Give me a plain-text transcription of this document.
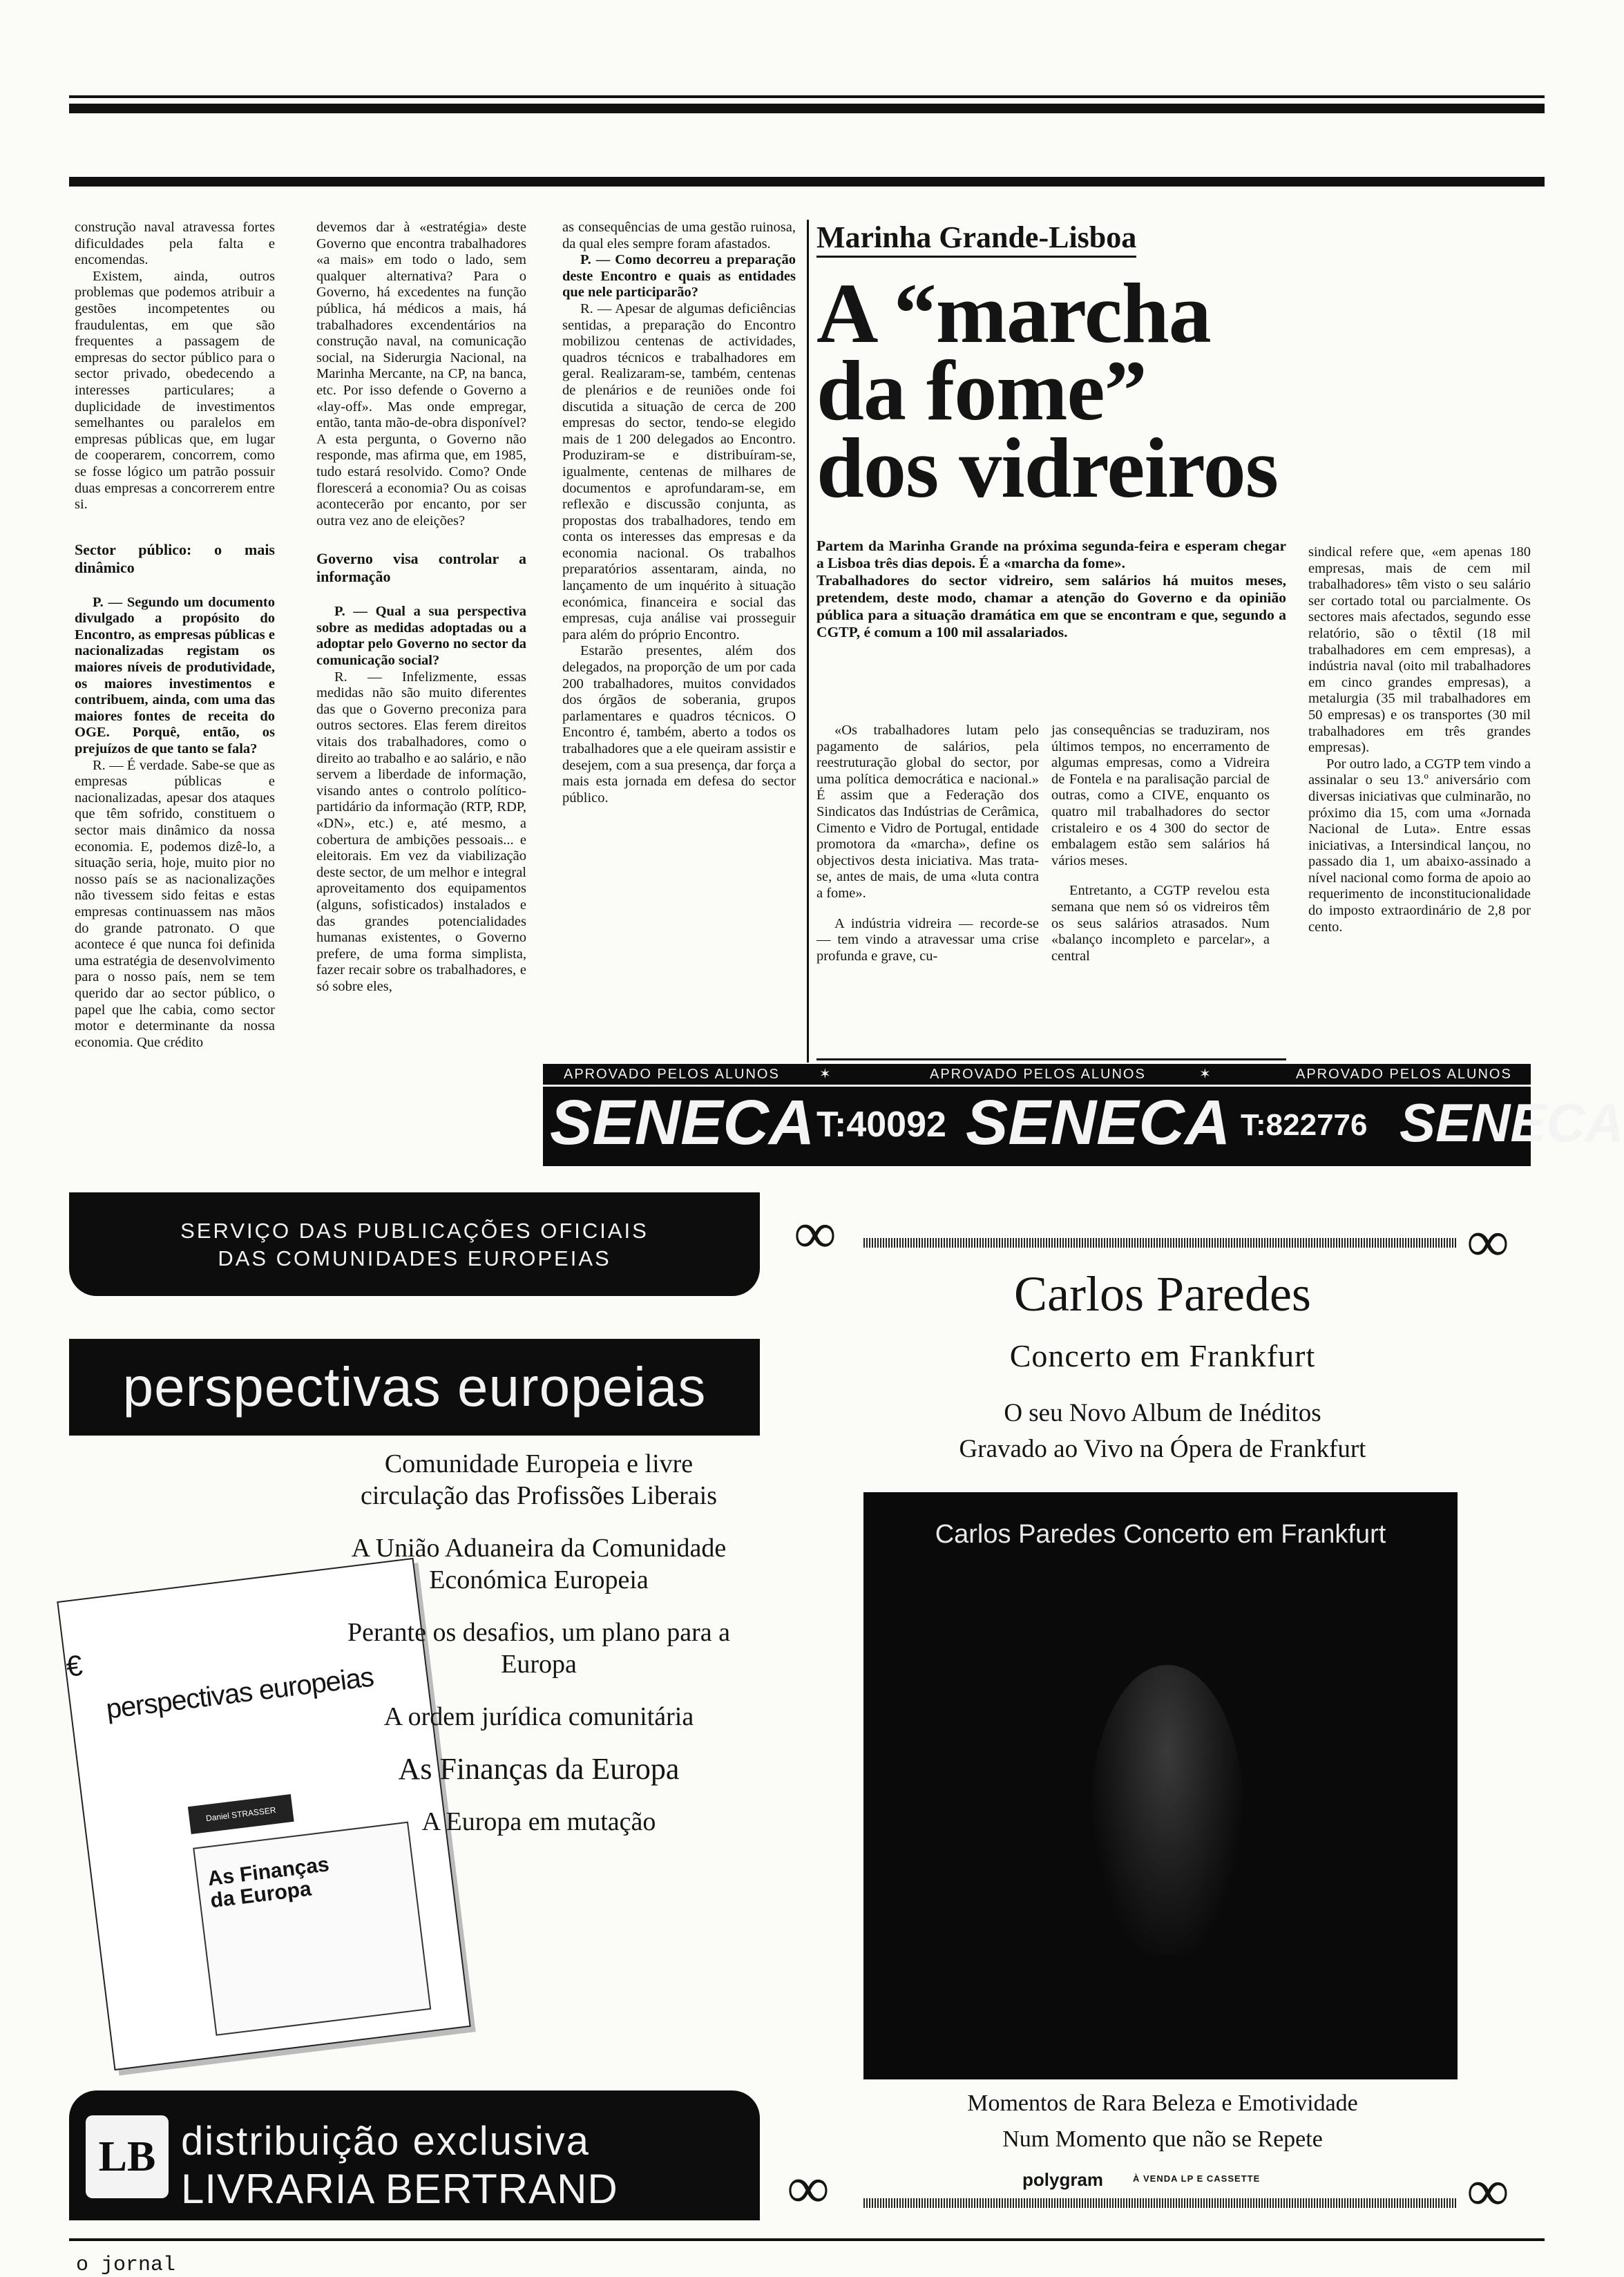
construção naval atravessa fortes dificuldades pela falta e encomendas.

Existem, ainda, outros problemas que podemos atribuir a gestões incompetentes ou fraudulentas, em que são frequentes a passagem de empresas do sector público para o sector privado, obedecendo a interesses particulares; a duplicidade de investimentos semelhantes ou paralelos em empresas públicas que, em lugar de cooperarem, concorrem, como se fosse lógico um patrão possuir duas empresas a concorrerem entre si.

Sector público: o mais dinâmico

P. — Segundo um documento divulgado a propósito do Encontro, as empresas públicas e nacionalizadas registam os maiores níveis de produtividade, os maiores investimentos e contribuem, ainda, com uma das maiores fontes de receita do OGE. Porquê, então, os prejuízos de que tanto se fala?

R. — É verdade. Sabe-se que as empresas públicas e nacionalizadas, apesar dos ataques que têm sofrido, constituem o sector mais dinâmico da nossa economia. E, podemos dizê-lo, a situação seria, hoje, muito pior no nosso país se as nacionalizações não tivessem sido feitas e estas empresas continuassem nas mãos do grande patronato. O que acontece é que nunca foi definida uma estratégia de desenvolvimento para o nosso país, nem se tem querido dar ao sector público, o papel que lhe cabia, como sector motor e determinante da nossa economia. Que crédito

devemos dar à «estratégia» deste Governo que encontra trabalhadores «a mais» em todo o lado, sem qualquer alternativa? Para o Governo, há excedentes na função pública, há médicos a mais, há trabalhadores excendentários na construção naval, na comunicação social, na Siderurgia Nacional, na Marinha Mercante, na CP, na banca, etc. Por isso defende o Governo a «lay-off». Mas onde empregar, então, tanta mão-de-obra disponível? A esta pergunta, o Governo não responde, mas afirma que, em 1985, tudo estará resolvido. Como? Onde florescerá a economia? Ou as coisas acontecerão por encanto, por ser outra vez ano de eleições?

Governo visa controlar a informação

P. — Qual a sua perspectiva sobre as medidas adoptadas ou a adoptar pelo Governo no sector da comunicação social?

R. — Infelizmente, essas medidas não são muito diferentes das que o Governo preconiza para outros sectores. Elas ferem direitos vitais dos trabalhadores, como o direito ao trabalho e ao salário, e não servem a liberdade de informação, visando antes o controlo político-partidário da informação (RTP, RDP, «DN», etc.) e, até mesmo, a cobertura de ambições pessoais... e eleitorais. Em vez da viabilização deste sector, de um melhor e integral aproveitamento dos equipamentos (alguns, sofisticados) instalados e das grandes potencialidades humanas existentes, o Governo prefere, de uma forma simplista, fazer recair sobre os trabalhadores, e só sobre eles,

as consequências de uma gestão ruinosa, da qual eles sempre foram afastados.

P. — Como decorreu a preparação deste Encontro e quais as entidades que nele participarão?

R. — Apesar de algumas deficiências sentidas, a preparação do Encontro mobilizou centenas de actividades, quadros técnicos e trabalhadores em geral. Realizaram-se, também, centenas de plenários e de reuniões onde foi discutida a situação de cerca de 200 empresas do sector, tendo-se elegido mais de 1 200 delegados ao Encontro. Produziram-se e distribuíram-se, igualmente, centenas de milhares de documentos e aprofundaram-se, em reflexão e discussão conjunta, as propostas dos trabalhadores, tendo em conta os interesses das empresas e da economia nacional. Os trabalhos preparatórios assentaram, ainda, no lançamento de um inquérito à situação económica, financeira e social das empresas, cuja análise vai prosseguir para além do próprio Encontro.

Estarão presentes, além dos delegados, na proporção de um por cada 200 trabalhadores, muitos convidados dos órgãos de soberania, grupos parlamentares e quadros técnicos. O Encontro é, também, aberto a todos os trabalhadores que a ele queiram assistir e desejem, com a sua presença, dar força a mais esta jornada em defesa do sector público.

Marinha Grande-Lisboa
A “marcha
da fome”
dos vidreiros
Partem da Marinha Grande na próxima segunda-feira e esperam chegar a Lisboa três dias depois. É a «marcha da fome».
Trabalhadores do sector vidreiro, sem salários há muitos meses, pretendem, deste modo, chamar a atenção do Governo e da opinião pública para a situação dramática em que se encontram e que, segundo a CGTP, é comum a 100 mil assalariados.

«Os trabalhadores lutam pelo pagamento de salários, pela reestruturação global do sector, por uma política democrática e nacional.» É assim que a Federação dos Sindicatos das Indústrias de Cerâmica, Cimento e Vidro de Portugal, entidade promotora da «marcha», define os objectivos desta iniciativa. Mas trata-se, antes de mais, de uma «luta contra a fome».

A indústria vidreira — recorde-se — tem vindo a atravessar uma crise profunda e grave, cu-

jas consequências se traduziram, nos últimos tempos, no encerramento de algumas empresas, como a Vidreira de Fontela e na paralisação parcial de outras, como a CIVE, enquanto os quatro mil trabalhadores do sector cristaleiro e os 4 300 do sector de embalagem estão sem salários há vários meses.

Entretanto, a CGTP revelou esta semana que nem só os vidreiros têm os seus salários atrasados. Num «balanço incompleto e parcelar», a central

sindical refere que, «em apenas 180 empresas, mais de cem mil trabalhadores» têm visto o seu salário ser cortado total ou parcialmente. Os sectores mais afectados, segundo esse relatório, são o têxtil (18 mil trabalhadores em cem empresas), a indústria naval (oito mil trabalhadores em cinco grandes empresas), a metalurgia (35 mil trabalhadores em 50 empresas) e os transportes (30 mil trabalhadores em três grandes empresas).

Por outro lado, a CGTP tem vindo a assinalar o seu 13.º aniversário com diversas iniciativas que culminarão, no próximo dia 15, com uma «Jornada Nacional de Luta». Entre essas iniciativas, a Intersindical lançou, no passado dia 1, um abaixo-assinado a nível nacional como forma de apoio ao requerimento de inconstitucionalidade do imposto extraordinário de 2,8 por cento.

APROVADO PELOS ALUNOS	✶	APROVADO PELOS ALUNOS	✶	APROVADO PELOS ALUNOS
SENECA T:40092 SENECA T:822776 SENECA
SERVIÇO DAS PUBLICAÇÕES OFICIAIS
DAS COMUNIDADES EUROPEIAS
perspectivas europeias
€ perspectivas europeias
Daniel STRASSER
As Finanças da Europa
Comunidade Europeia e livre circulação das Profissões Liberais
A União Aduaneira da Comunidade Económica Europeia
Perante os desafios, um plano para a Europa
A ordem jurídica comunitária
As Finanças da Europa
A Europa em mutação
LB distribuição exclusiva
LIVRARIA BERTRAND
∞	∞
Carlos Paredes
Concerto em Frankfurt
O seu Novo Album de Inéditos
Gravado ao Vivo na Ópera de Frankfurt
Carlos Paredes Concerto em Frankfurt
Momentos de Rara Beleza e Emotividade
Num Momento que não se Repete
polygram	À VENDA LP E CASSETTE
∞	∞
o jornal
